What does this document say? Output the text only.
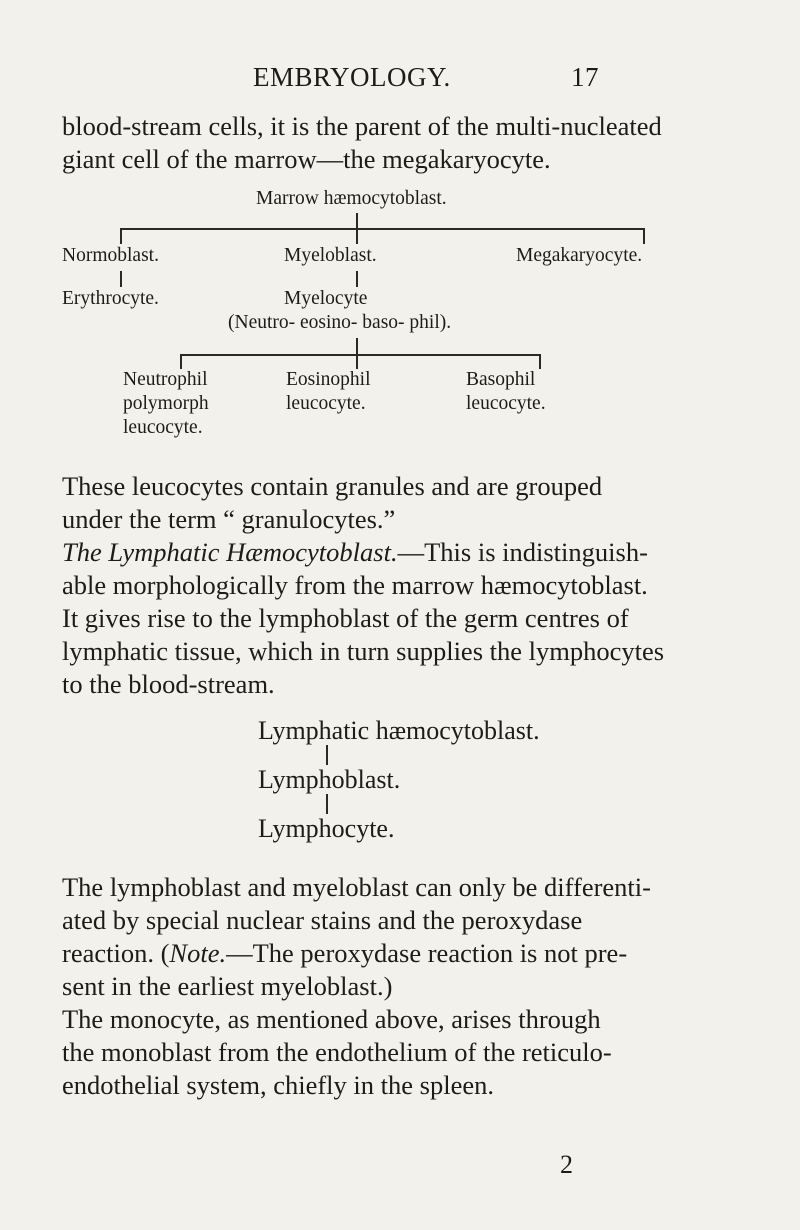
EMBRYOLOGY.	17
blood-stream cells, it is the parent of the multi-nucleated
giant cell of the marrow—the megakaryocyte.
Marrow hæmocytoblast.
Normoblast.	Myeloblast.	Megakaryocyte.
Erythrocyte.	Myelocyte
(Neutro- eosino- baso- phil).
Neutrophil
polymorph
leucocyte.
Eosinophil
leucocyte.
Basophil
leucocyte.
These leucocytes contain granules and are grouped
under the term “ granulocytes.”
The Lymphatic Hæmocytoblast.—This is indistinguish-
able morphologically from the marrow hæmocytoblast.
It gives rise to the lymphoblast of the germ centres of
lymphatic tissue, which in turn supplies the lymphocytes
to the blood-stream.
Lymphatic hæmocytoblast.
Lymphoblast.
Lymphocyte.
The lymphoblast and myeloblast can only be differenti-
ated by special nuclear stains and the peroxydase
reaction. (Note.—The peroxydase reaction is not pre-
sent in the earliest myeloblast.)
The monocyte, as mentioned above, arises through
the monoblast from the endothelium of the reticulo-
endothelial system, chiefly in the spleen.
2
